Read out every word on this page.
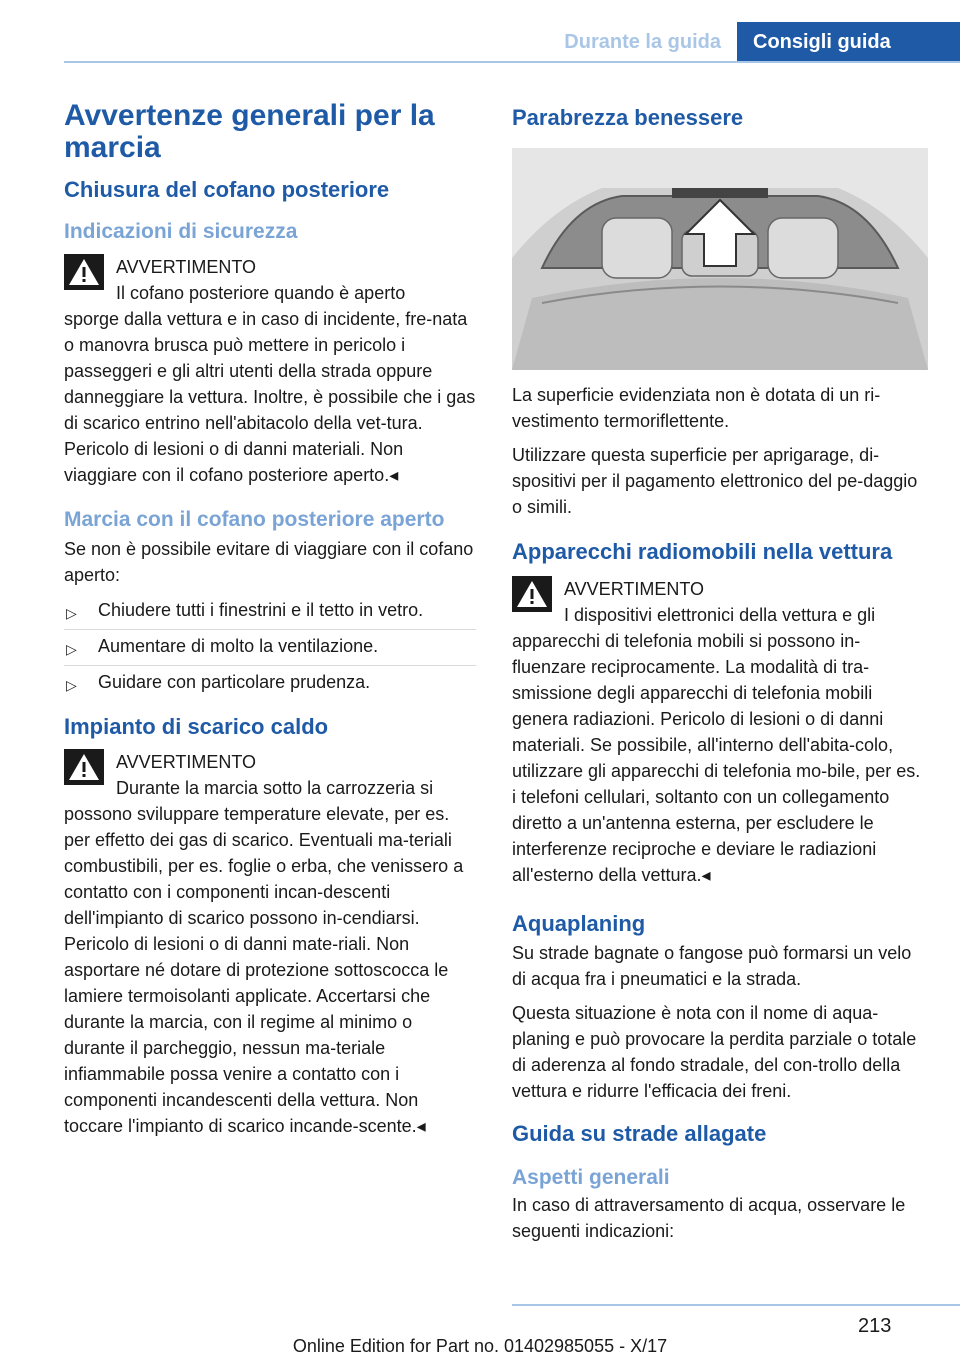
Durante la guida	Consigli guida
Avvertenze generali per la marcia
Chiusura del cofano posteriore
Indicazioni di sicurezza
AVVERTIMENTO

Il cofano posteriore quando è aperto

sporge dalla vettura e in caso di incidente, fre-nata o manovra brusca può mettere in pericolo i passeggeri e gli altri utenti della strada oppure danneggiare la vettura. Inoltre, è possibile che i gas di scarico entrino nell'abitacolo della vet-tura. Pericolo di lesioni o di danni materiali. Non viaggiare con il cofano posteriore aperto.◂

Marcia con il cofano posteriore aperto

Se non è possibile evitare di viaggiare con il cofano aperto:

▷ Chiudere tutti i finestrini e il tetto in vetro.
▷ Aumentare di molto la ventilazione.
▷ Guidare con particolare prudenza.
Impianto di scarico caldo
AVVERTIMENTO

Durante la marcia sotto la carrozzeria si

possono sviluppare temperature elevate, per es. per effetto dei gas di scarico. Eventuali ma-teriali combustibili, per es. foglie o erba, che venissero a contatto con i componenti incan-descenti dell'impianto di scarico possono in-cendiarsi. Pericolo di lesioni o di danni mate-riali. Non asportare né dotare di protezione sottoscocca le lamiere termoisolanti applicate. Accertarsi che durante la marcia, con il regime al minimo o durante il parcheggio, nessun ma-teriale infiammabile possa venire a contatto con i componenti incandescenti della vettura. Non toccare l'impianto di scarico incande-scente.◂

Parabrezza benessere

La superficie evidenziata non è dotata di un ri-vestimento termoriflettente.

Utilizzare questa superficie per aprigarage, di-spositivi per il pagamento elettronico del pe-daggio o simili.

Apparecchi radiomobili nella vettura
AVVERTIMENTO

I dispositivi elettronici della vettura e gli

apparecchi di telefonia mobili si possono in-fluenzare reciprocamente. La modalità di tra-smissione degli apparecchi di telefonia mobili genera radiazioni. Pericolo di lesioni o di danni materiali. Se possibile, all'interno dell'abita-colo, utilizzare gli apparecchi di telefonia mo-bile, per es. i telefoni cellulari, soltanto con un collegamento diretto a un'antenna esterna, per escludere le interferenze reciproche e deviare le radiazioni all'esterno della vettura.◂

Aquaplaning

Su strade bagnate o fangose può formarsi un velo di acqua fra i pneumatici e la strada.

Questa situazione è nota con il nome di aqua-planing e può provocare la perdita parziale o totale di aderenza al fondo stradale, del con-trollo della vettura e ridurre l'efficacia dei freni.

Guida su strade allagate
Aspetti generali

In caso di attraversamento di acqua, osservare le seguenti indicazioni:

213
Online Edition for Part no. 01402985055 - X/17
